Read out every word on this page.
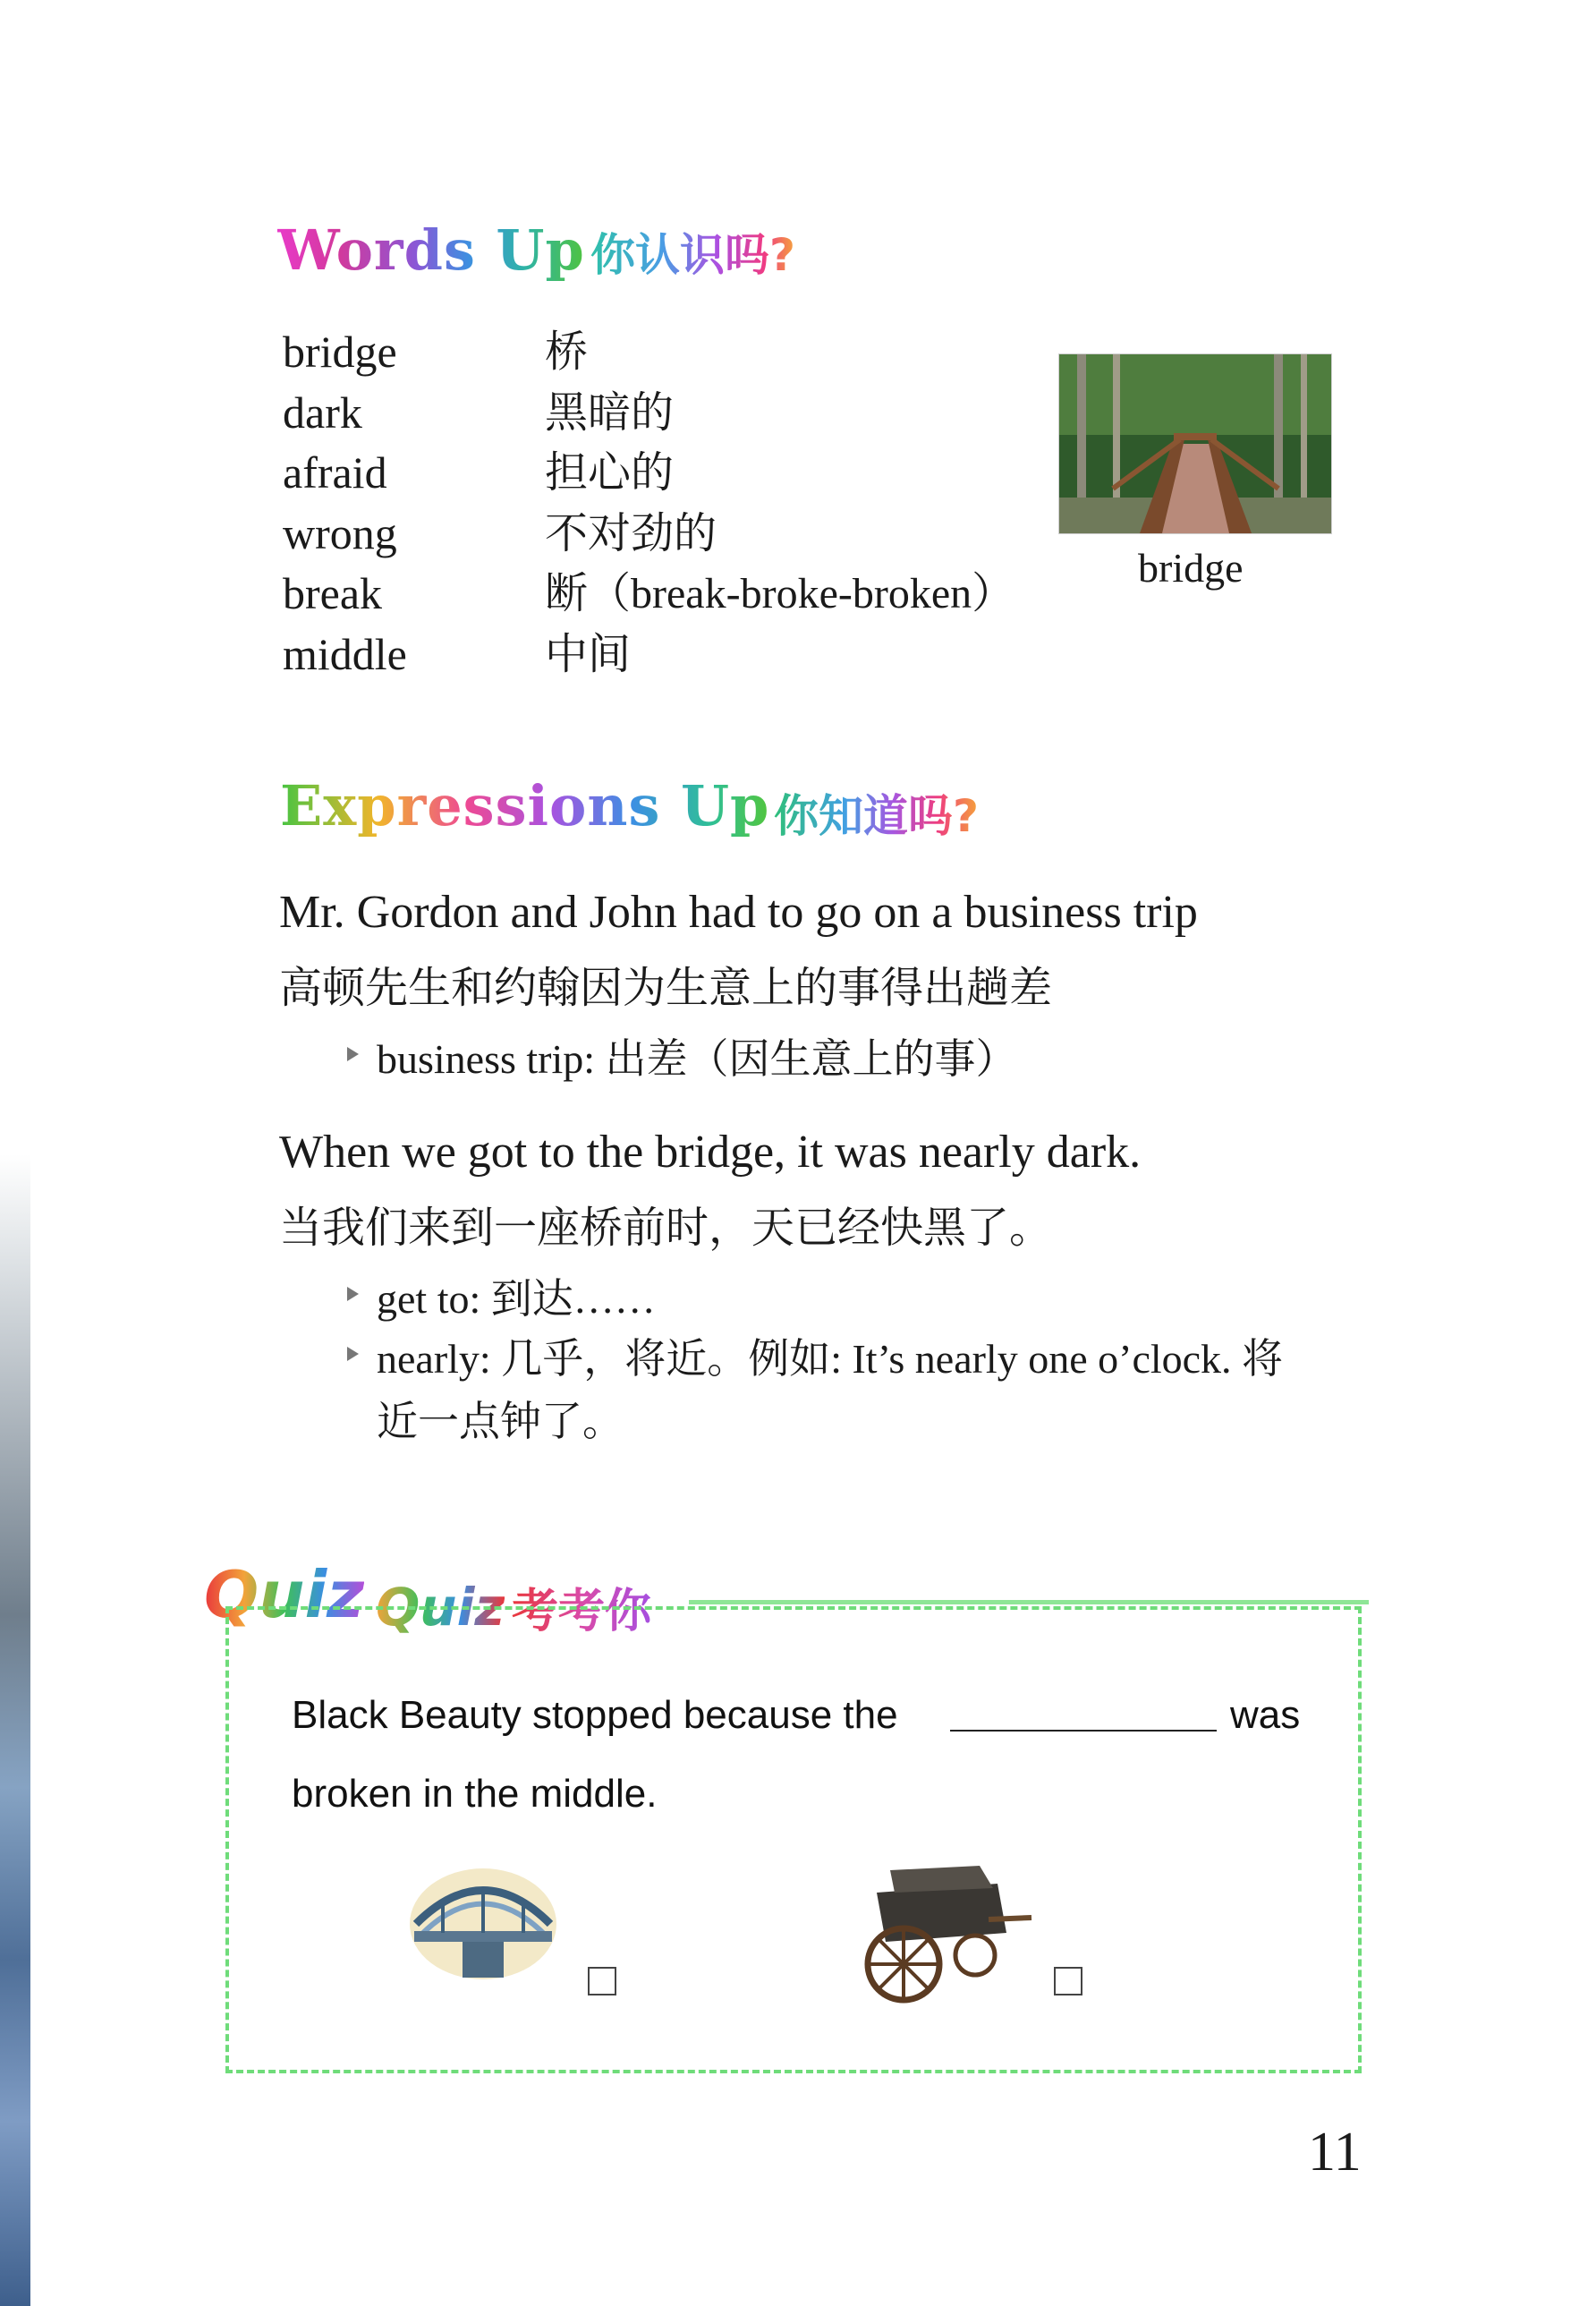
Words Up 你认识吗?
bridge	桥
dark	黑暗的
afraid	担心的
wrong	不对劲的
break	断（break-broke-broken）
middle	中间
bridge
Expressions Up 你知道吗?
Mr. Gordon and John had to go on a business trip
高顿先生和约翰因为生意上的事得出趟差
business trip: 出差（因生意上的事）
When we got to the bridge, it was nearly dark.
当我们来到一座桥前时，天已经快黑了。
get to: 到达……
nearly: 几乎，将近。例如: It’s nearly one o’clock. 将
近一点钟了。
Quiz Quiz 考考你
Black Beauty stopped because the	was
broken in the middle.
11
